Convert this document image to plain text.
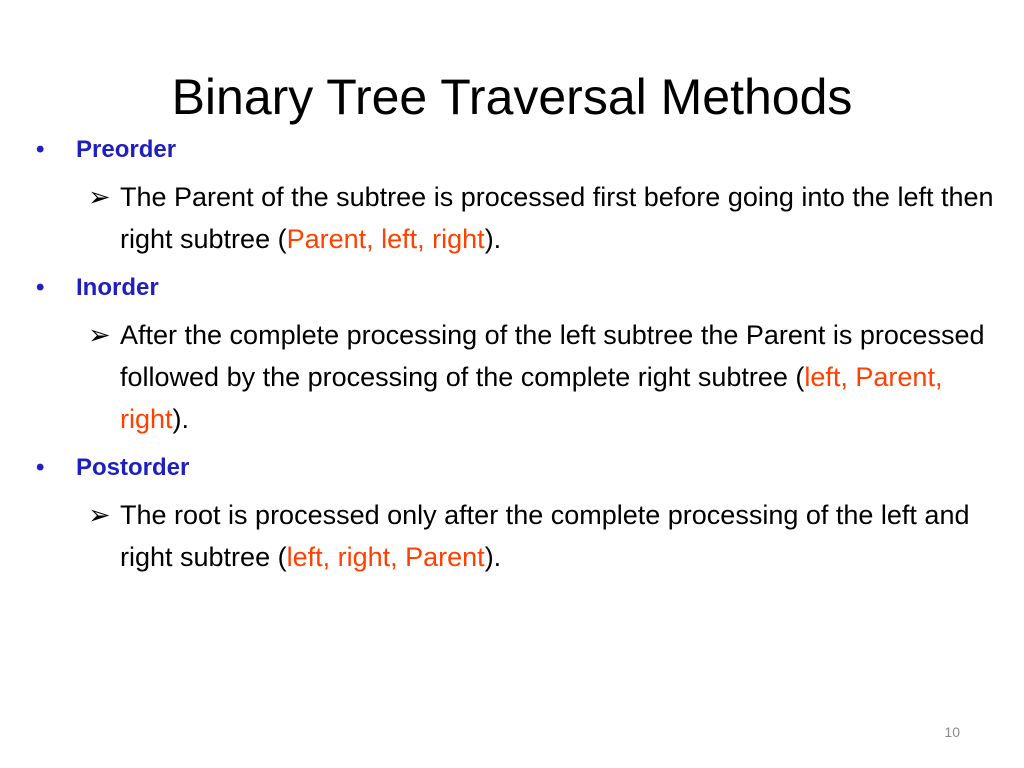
Binary Tree Traversal Methods

• Preorder

➢ The Parent of the subtree is processed first before going into the left then right subtree (Parent, left, right).

• Inorder

➢ After the complete processing of the left subtree the Parent is processed followed by the processing of the complete right subtree (left, Parent, right).

• Postorder

➢ The root is processed only after the complete processing of the left and right subtree (left, right, Parent).

10
